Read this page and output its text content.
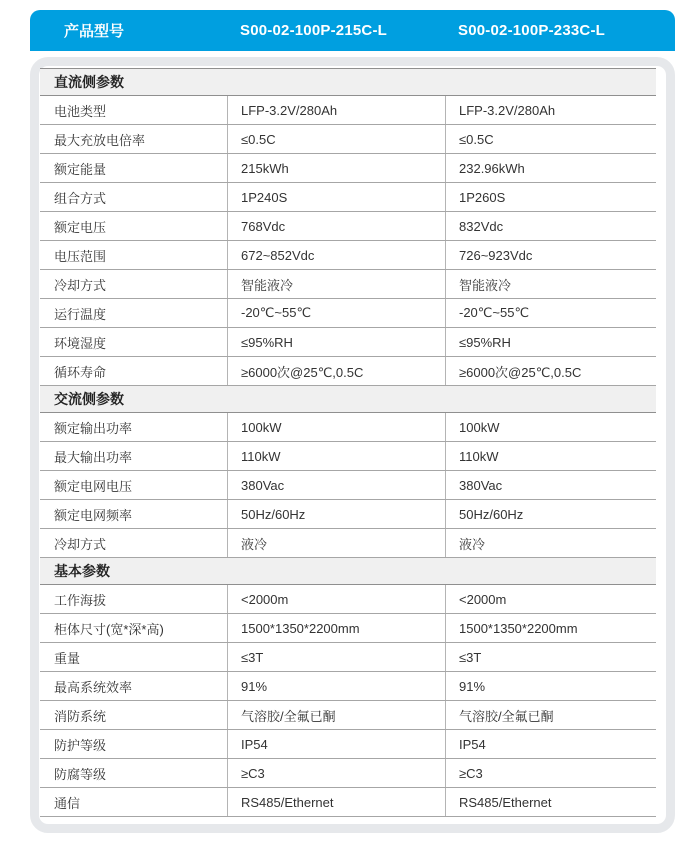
产品型号	S00-02-100P-215C-L	S00-02-100P-233C-L
直流侧参数
电池类型	LFP-3.2V/280Ah	LFP-3.2V/280Ah
最大充放电倍率	≤0.5C	≤0.5C
额定能量	215kWh	232.96kWh
组合方式	1P240S	1P260S
额定电压	768Vdc	832Vdc
电压范围	672~852Vdc	726~923Vdc
冷却方式	智能液冷	智能液冷
运行温度	-20℃~55℃	-20℃~55℃
环境湿度	≤95%RH	≤95%RH
循环寿命	≥6000次@25℃,0.5C	≥6000次@25℃,0.5C
交流侧参数
额定输出功率	100kW	100kW
最大输出功率	110kW	110kW
额定电网电压	380Vac	380Vac
额定电网频率	50Hz/60Hz	50Hz/60Hz
冷却方式	液冷	液冷
基本参数
工作海拔	<2000m	<2000m
柜体尺寸(宽*深*高)	1500*1350*2200mm	1500*1350*2200mm
重量	≤3T	≤3T
最高系统效率	91%	91%
消防系统	气溶胶/全氟已酮	气溶胶/全氟已酮
防护等级	IP54	IP54
防腐等级	≥C3	≥C3
通信	RS485/Ethernet	RS485/Ethernet
